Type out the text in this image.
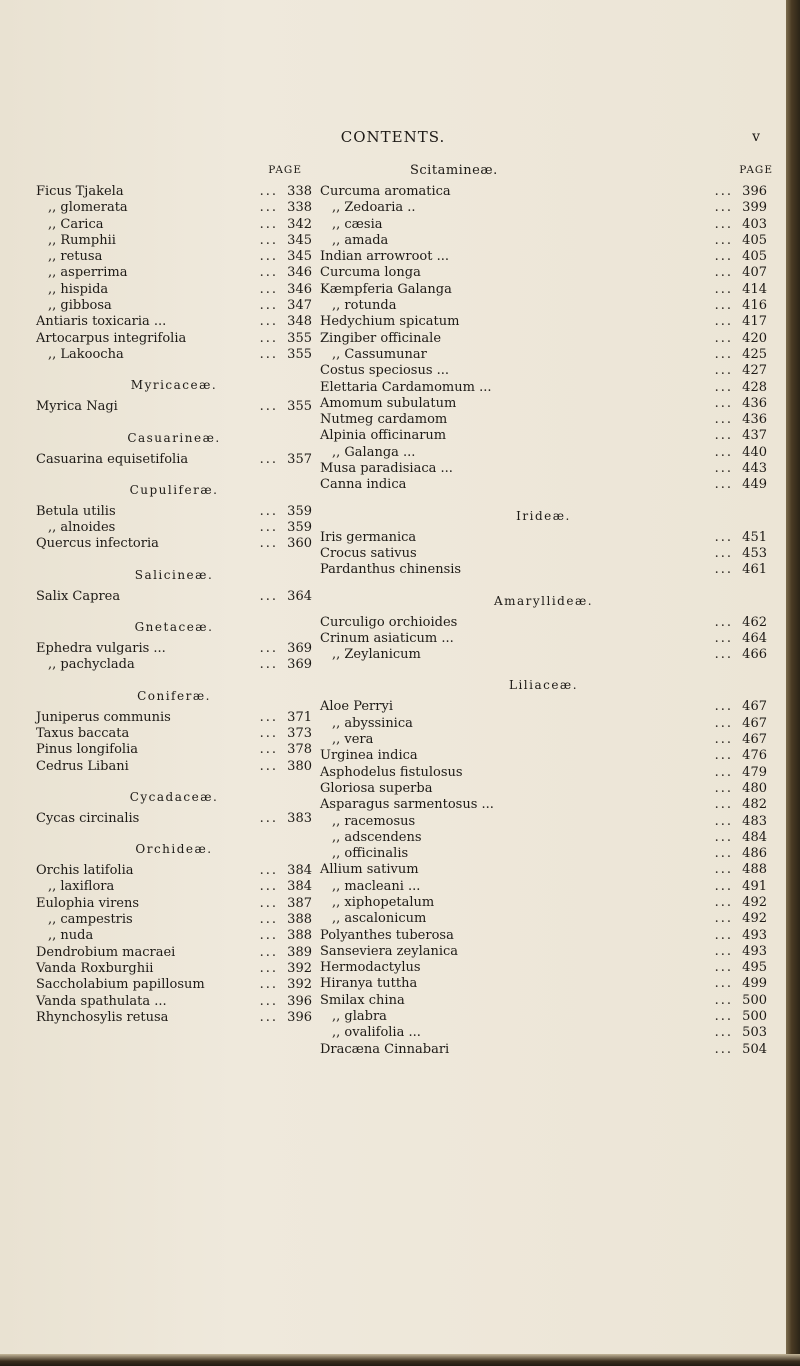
CONTENTS.	v
PAGE
Ficus Tjakela	... 338
,, glomerata	... 338
,, Carica	... 342
,, Rumphii	... 345
,, retusa	... 345
,, asperrima	... 346
,, hispida	... 346
,, gibbosa	... 347
Antiaris toxicaria ...	... 348
Artocarpus integrifolia	... 355
,, Lakoocha	... 355
Myricaceæ.
Myrica Nagi	... 355
Casuarineæ.
Casuarina equisetifolia	... 357
Cupuliferæ.
Betula utilis	... 359
,, alnoides	... 359
Quercus infectoria	... 360
Salicineæ.
Salix Caprea	... 364
Gnetaceæ.
Ephedra vulgaris ...	... 369
,, pachyclada	... 369
Coniferæ.
Juniperus communis	... 371
Taxus baccata	... 373
Pinus longifolia	... 378
Cedrus Libani	... 380
Cycadaceæ.
Cycas circinalis	... 383
Orchideæ.
Orchis latifolia	... 384
,, laxiflora	... 384
Eulophia virens	... 387
,, campestris	... 388
,, nuda	... 388
Dendrobium macraei	... 389
Vanda Roxburghii	... 392
Saccholabium papillosum	... 392
Vanda spathulata ...	... 396
Rhynchosylis retusa	... 396
Scitamineæ.	PAGE
Curcuma aromatica	... 396
,, Zedoaria ..	... 399
,, cæsia	... 403
,, amada	... 405
Indian arrowroot ...	... 405
Curcuma longa	... 407
Kæmpferia Galanga	... 414
,, rotunda	... 416
Hedychium spicatum	... 417
Zingiber officinale	... 420
,, Cassumunar	... 425
Costus speciosus ...	... 427
Elettaria Cardamomum ...	... 428
Amomum subulatum	... 436
Nutmeg cardamom	... 436
Alpinia officinarum	... 437
,, Galanga ...	... 440
Musa paradisiaca ...	... 443
Canna indica	... 449
Irideæ.
Iris germanica	... 451
Crocus sativus	... 453
Pardanthus chinensis	... 461
Amaryllideæ.
Curculigo orchioides	... 462
Crinum asiaticum ...	... 464
,, Zeylanicum	... 466
Liliaceæ.
Aloe Perryi	... 467
,, abyssinica	... 467
,, vera	... 467
Urginea indica	... 476
Asphodelus fistulosus	... 479
Gloriosa superba	... 480
Asparagus sarmentosus ...	... 482
,, racemosus	... 483
,, adscendens	... 484
,, officinalis	... 486
Allium sativum	... 488
,, macleani ...	... 491
,, xiphopetalum	... 492
,, ascalonicum	... 492
Polyanthes tuberosa	... 493
Sanseviera zeylanica	... 493
Hermodactylus	... 495
Hiranya tuttha	... 499
Smilax china	... 500
,, glabra	... 500
,, ovalifolia ...	... 503
Dracæna Cinnabari	... 504
